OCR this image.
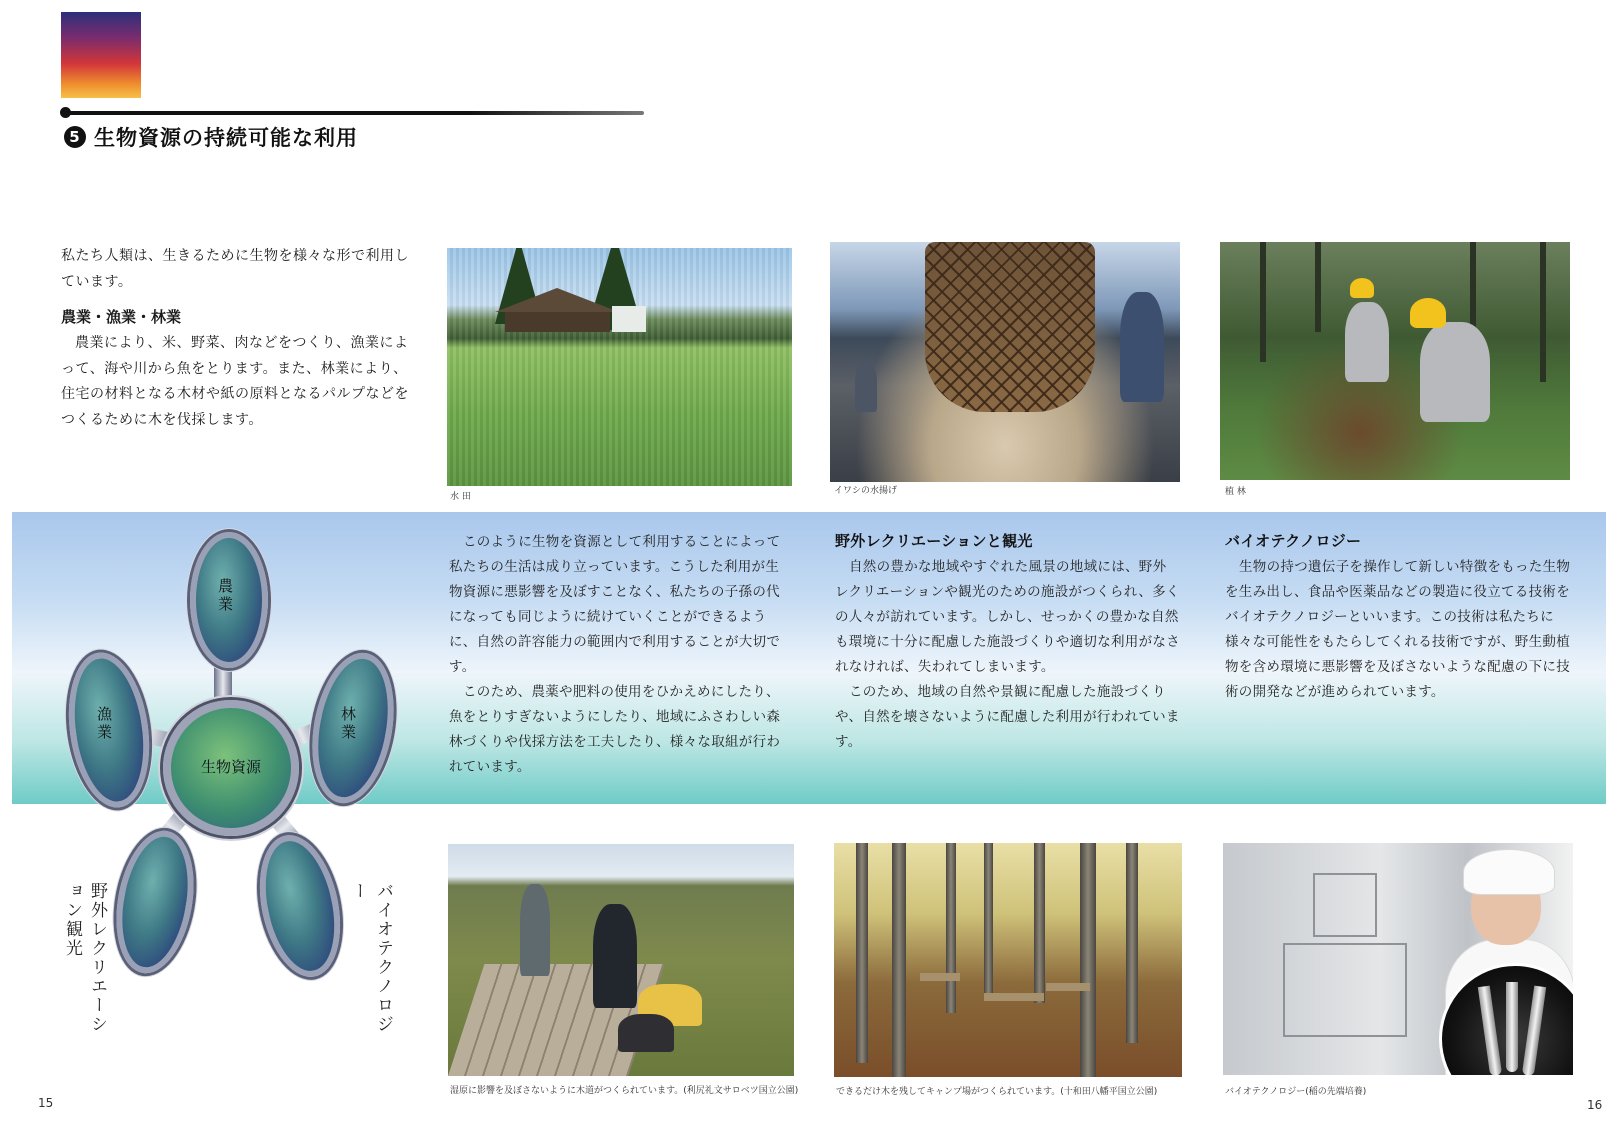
5 生物資源の持続可能な利用
私たち人類は、生きるために生物を様々な形で利用しています。
農業・漁業・林業
農業により、米、野菜、肉などをつくり、漁業によって、海や川から魚をとります。また、林業により、住宅の材料となる木材や紙の原料となるパルプなどをつくるために木を伐採します。
水 田
イワシの水揚げ	植 林
このように生物を資源として利用することによって私たちの生活は成り立っています。こうした利用が生物資源に悪影響を及ぼすことなく、私たちの子孫の代になっても同じように続けていくことができるように、自然の許容能力の範囲内で利用することが大切です。
このため、農薬や肥料の使用をひかえめにしたり、魚をとりすぎないようにしたり、地域にふさわしい森林づくりや伐採方法を工夫したり、様々な取組が行われています。
野外レクリエーションと観光
自然の豊かな地域やすぐれた風景の地域には、野外レクリエーションや観光のための施設がつくられ、多くの人々が訪れています。しかし、せっかくの豊かな自然も環境に十分に配慮した施設づくりや適切な利用がなされなければ、失われてしまいます。
このため、地域の自然や景観に配慮した施設づくりや、自然を壊さないように配慮した利用が行われています。
バイオテクノロジー
生物の持つ遺伝子を操作して新しい特徴をもった生物を生み出し、食品や医薬品などの製造に役立てる技術をバイオテクノロジーといいます。この技術は私たちに様々な可能性をもたらしてくれる技術ですが、野生動植物を含め環境に悪影響を及ぼさないような配慮の下に技術の開発などが進められています。
生物資源
農業
漁業	林業
野外レクリエーション観光	バイオテクノロジー
湿原に影響を及ぼさないように木道がつくられています。(利尻礼文サロベツ国立公園)	できるだけ木を残してキャンプ場がつくられています。(十和田八幡平国立公園)	バイオテクノロジー(稲の先端培養)
15	16
